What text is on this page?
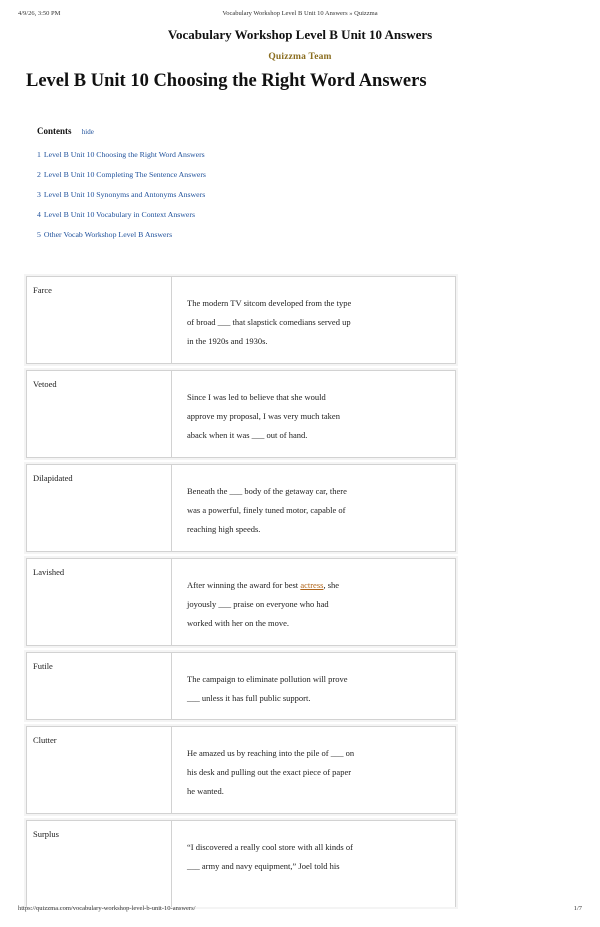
4/9/26, 3:50 PM	Vocabulary Workshop Level B Unit 10 Answers » Quizzma
Vocabulary Workshop Level B Unit 10 Answers
Quizzma Team
Level B Unit 10 Choosing the Right Word Answers
Contents hide
1 Level B Unit 10 Choosing the Right Word Answers
2 Level B Unit 10 Completing The Sentence Answers
3 Level B Unit 10 Synonyms and Antonyms Answers
4 Level B Unit 10 Vocabulary in Context Answers
5 Other Vocab Workshop Level B Answers
Farce
The modern TV sitcom developed from the type
of broad ___ that slapstick comedians served up
in the 1920s and 1930s.
Vetoed
Since I was led to believe that she would
approve my proposal, I was very much taken
aback when it was ___ out of hand.
Dilapidated
Beneath the ___ body of the getaway car, there
was a powerful, finely tuned motor, capable of
reaching high speeds.
Lavished
After winning the award for best actress, she
joyously ___ praise on everyone who had
worked with her on the move.
Futile
The campaign to eliminate pollution will prove
___ unless it has full public support.
Clutter
He amazed us by reaching into the pile of ___ on
his desk and pulling out the exact piece of paper
he wanted.
Surplus
“I discovered a really cool store with all kinds of
___ army and navy equipment,” Joel told his
https://quizzma.com/vocabulary-workshop-level-b-unit-10-answers/	1/7
